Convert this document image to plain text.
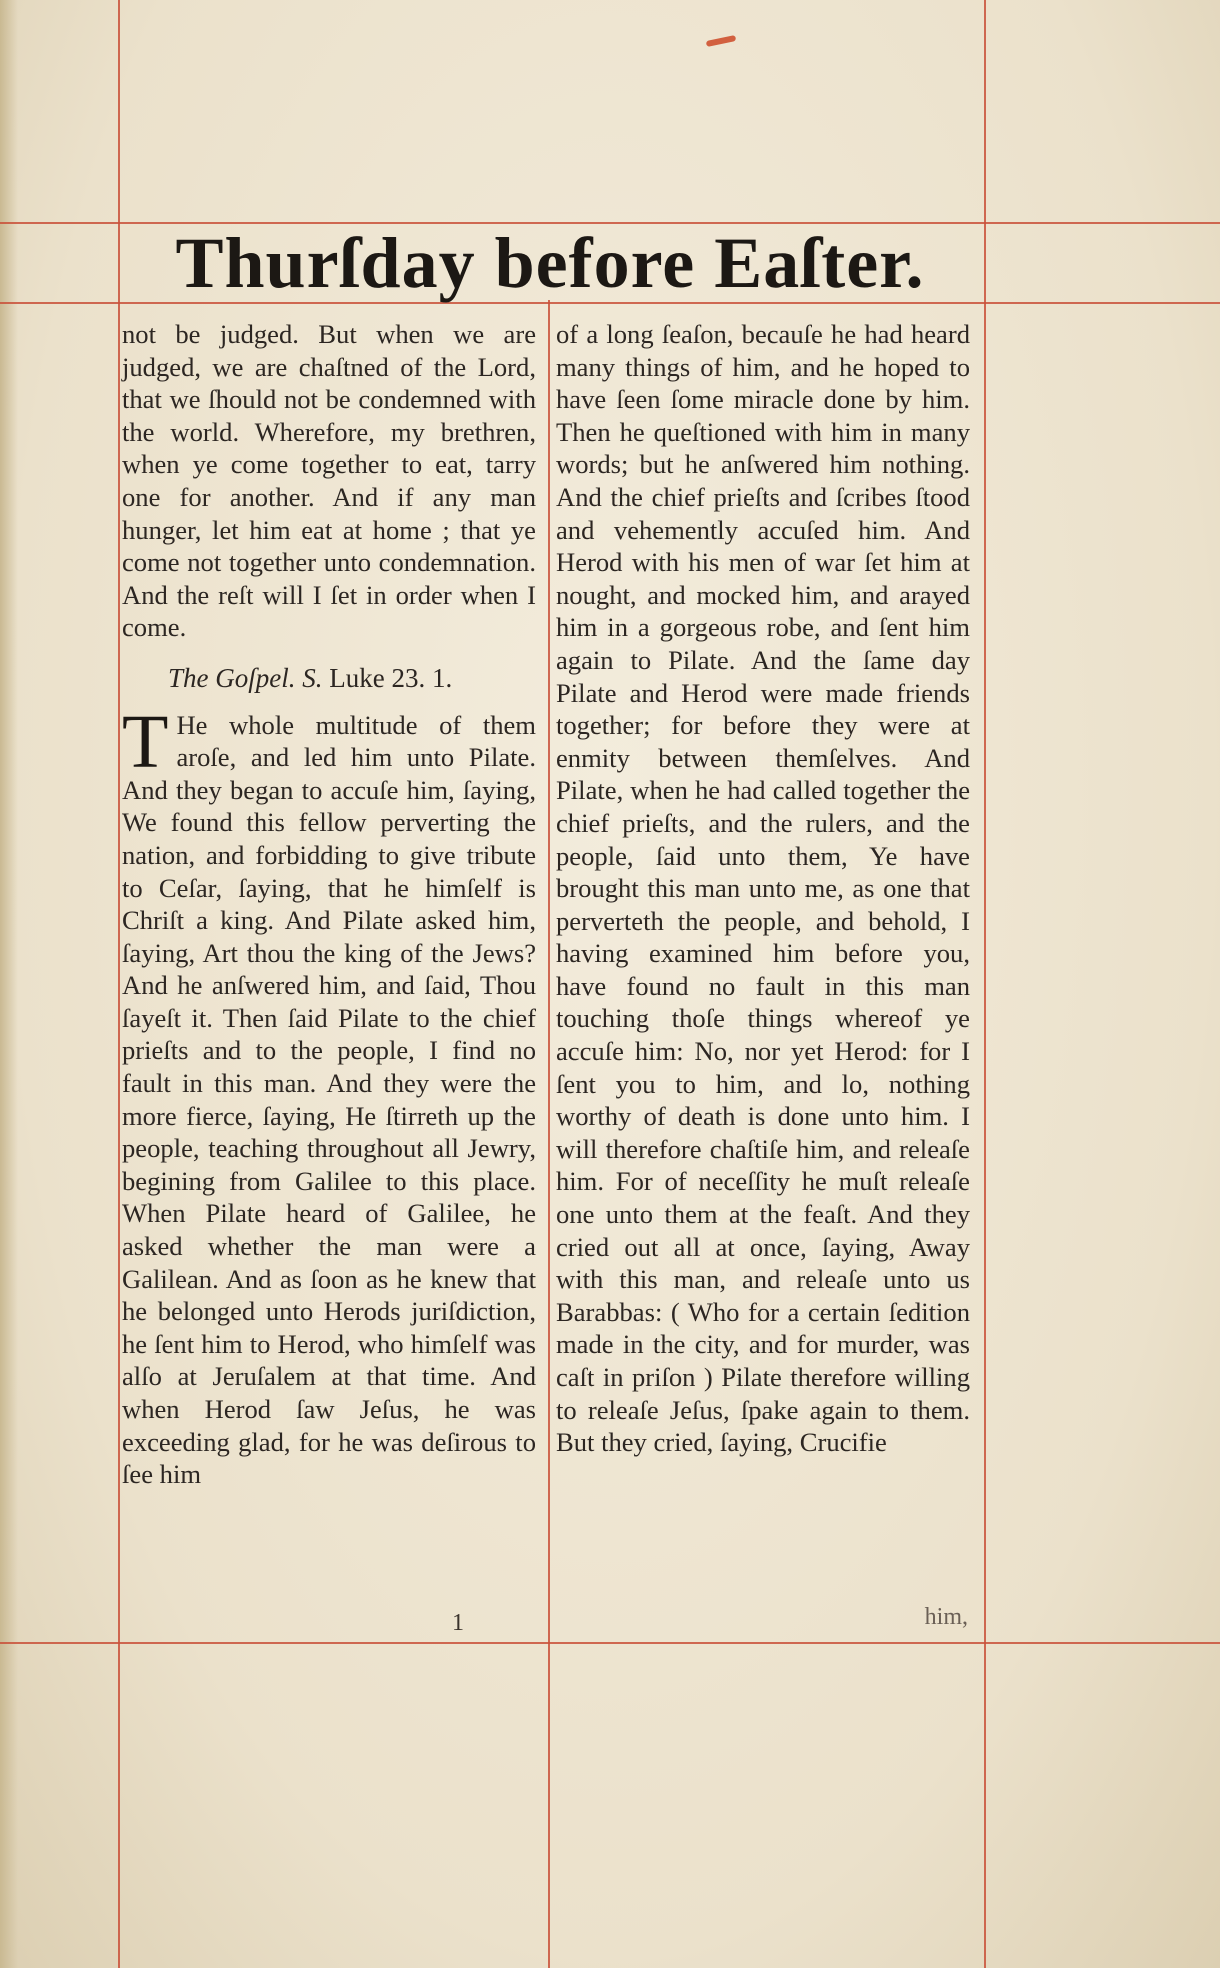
Thurſday before Eaſter.

not be judged. But when we are judged, we are chaſtned of the Lord, that we ſhould not be condemned with the world. Wherefore, my brethren, when ye come together to eat, tarry one for another. And if any man hunger, let him eat at home ; that ye come not together unto condemnation. And the reſt will I ſet in order when I come.

The Goſpel. S. Luke 23. 1.

T He whole multitude of them aroſe, and led him unto Pilate. And they began to accuſe him, ſaying, We found this fellow perverting the nation, and forbidding to give tribute to Ceſar, ſaying, that he himſelf is Chriſt a king. And Pilate asked him, ſaying, Art thou the king of the Jews? And he anſwered him, and ſaid, Thou ſayeſt it. Then ſaid Pilate to the chief prieſts and to the people, I find no fault in this man. And they were the more fierce, ſaying, He ſtirreth up the people, teaching throughout all Jewry, begining from Galilee to this place. When Pilate heard of Galilee, he asked whether the man were a Galilean. And as ſoon as he knew that he belonged unto Herods juriſdiction, he ſent him to Herod, who himſelf was alſo at Jeruſalem at that time. And when Herod ſaw Jeſus, he was exceeding glad, for he was deſirous to ſee him

of a long ſeaſon, becauſe he had heard many things of him, and he hoped to have ſeen ſome miracle done by him. Then he queſtioned with him in many words; but he anſwered him nothing. And the chief prieſts and ſcribes ſtood and vehemently accuſed him. And Herod with his men of war ſet him at nought, and mocked him, and arayed him in a gorgeous robe, and ſent him again to Pilate. And the ſame day Pilate and Herod were made friends together; for before they were at enmity between themſelves. And Pilate, when he had called together the chief prieſts, and the rulers, and the people, ſaid unto them, Ye have brought this man unto me, as one that perverteth the people, and behold, I having examined him before you, have found no fault in this man touching thoſe things whereof ye accuſe him: No, nor yet Herod: for I ſent you to him, and lo, nothing worthy of death is done unto him. I will therefore chaſtiſe him, and releaſe him. For of neceſſity he muſt releaſe one unto them at the feaſt. And they cried out all at once, ſaying, Away with this man, and releaſe unto us Barabbas: ( Who for a certain ſedition made in the city, and for murder, was caſt in priſon ) Pilate therefore willing to releaſe Jeſus, ſpake again to them. But they cried, ſaying, Crucifie

1	him,
